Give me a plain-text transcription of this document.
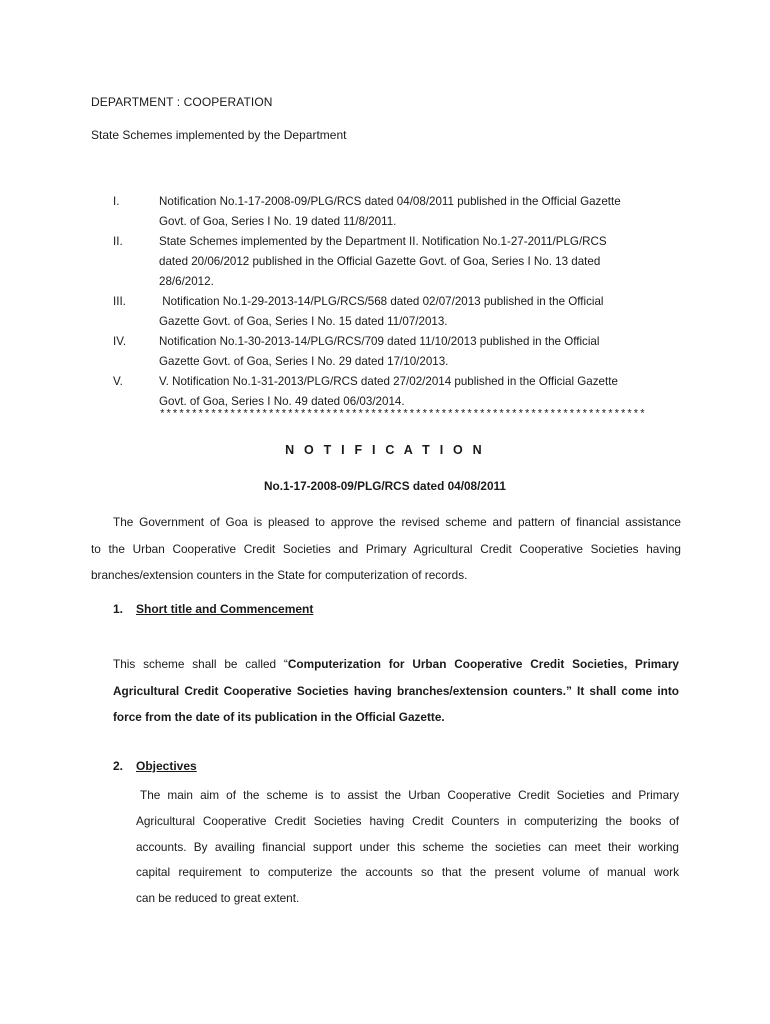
DEPARTMENT : COOPERATION
State Schemes implemented by the Department
I.	Notification No.1-17-2008-09/PLG/RCS dated 04/08/2011 published in the Official Gazette
Govt. of Goa, Series I No. 19 dated 11/8/2011.
II.	State Schemes implemented by the Department II. Notification No.1-27-2011/PLG/RCS
dated 20/06/2012 published in the Official Gazette Govt. of Goa, Series I No. 13 dated
28/6/2012.
III.	Notification No.1-29-2013-14/PLG/RCS/568 dated 02/07/2013 published in the Official
Gazette Govt. of Goa, Series I No. 15 dated 11/07/2013.
IV.	Notification No.1-30-2013-14/PLG/RCS/709 dated 11/10/2013 published in the Official
Gazette Govt. of Goa, Series I No. 29 dated 17/10/2013.
V.	V. Notification No.1-31-2013/PLG/RCS dated 27/02/2014 published in the Official Gazette
Govt. of Goa, Series I No. 49 dated 06/03/2014.
****************************************************************************
N O T I F I C A T I O N
No.1-17-2008-09/PLG/RCS dated 04/08/2011
The Government of Goa is pleased to approve the revised scheme and pattern of financial assistance
to the Urban Cooperative Credit Societies and Primary Agricultural Credit Cooperative Societies having
branches/extension counters in the State for computerization of records.
1. Short title and Commencement
This scheme shall be called “Computerization for Urban Cooperative Credit Societies, Primary
Agricultural Credit Cooperative Societies having branches/extension counters.” It shall come into
force from the date of its publication in the Official Gazette.
2. Objectives
The main aim of the scheme is to assist the Urban Cooperative Credit Societies and Primary
Agricultural Cooperative Credit Societies having Credit Counters in computerizing the books of
accounts. By availing financial support under this scheme the societies can meet their working
capital requirement to computerize the accounts so that the present volume of manual work
can be reduced to great extent.
